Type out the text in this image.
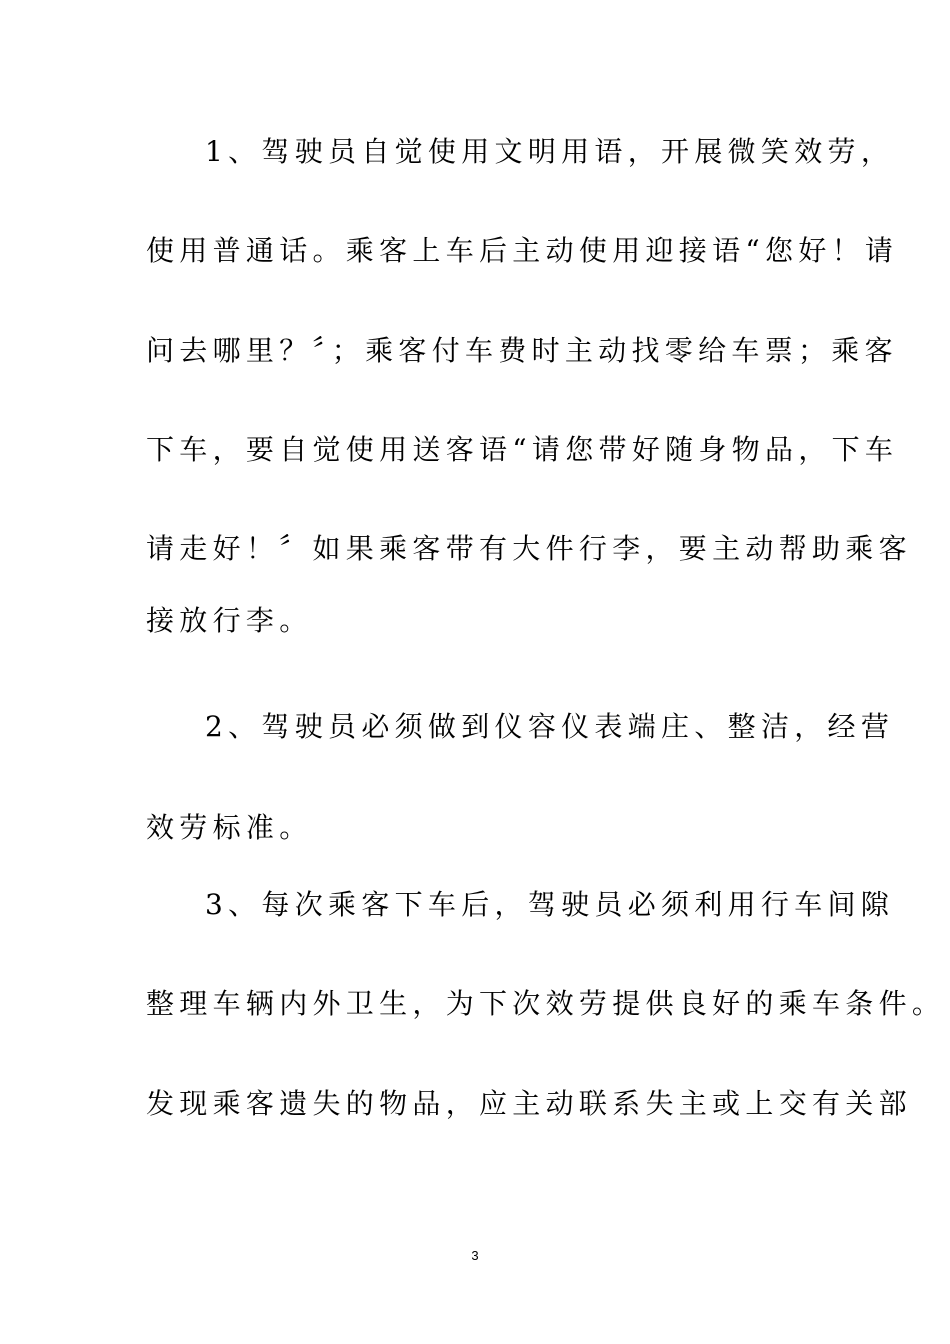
1、驾驶员自觉使用文明用语，开展微笑效劳，
使用普通话。乘客上车后主动使用迎接语“您好！请
问去哪里？〞；乘客付车费时主动找零给车票；乘客
下车，要自觉使用送客语“请您带好随身物品，下车
请走好！〞如果乘客带有大件行李，要主动帮助乘客
接放行李。
2、驾驶员必须做到仪容仪表端庄、整洁，经营
效劳标准。
3、每次乘客下车后，驾驶员必须利用行车间隙
整理车辆内外卫生，为下次效劳提供良好的乘车条件。
发现乘客遗失的物品，应主动联系失主或上交有关部
3
